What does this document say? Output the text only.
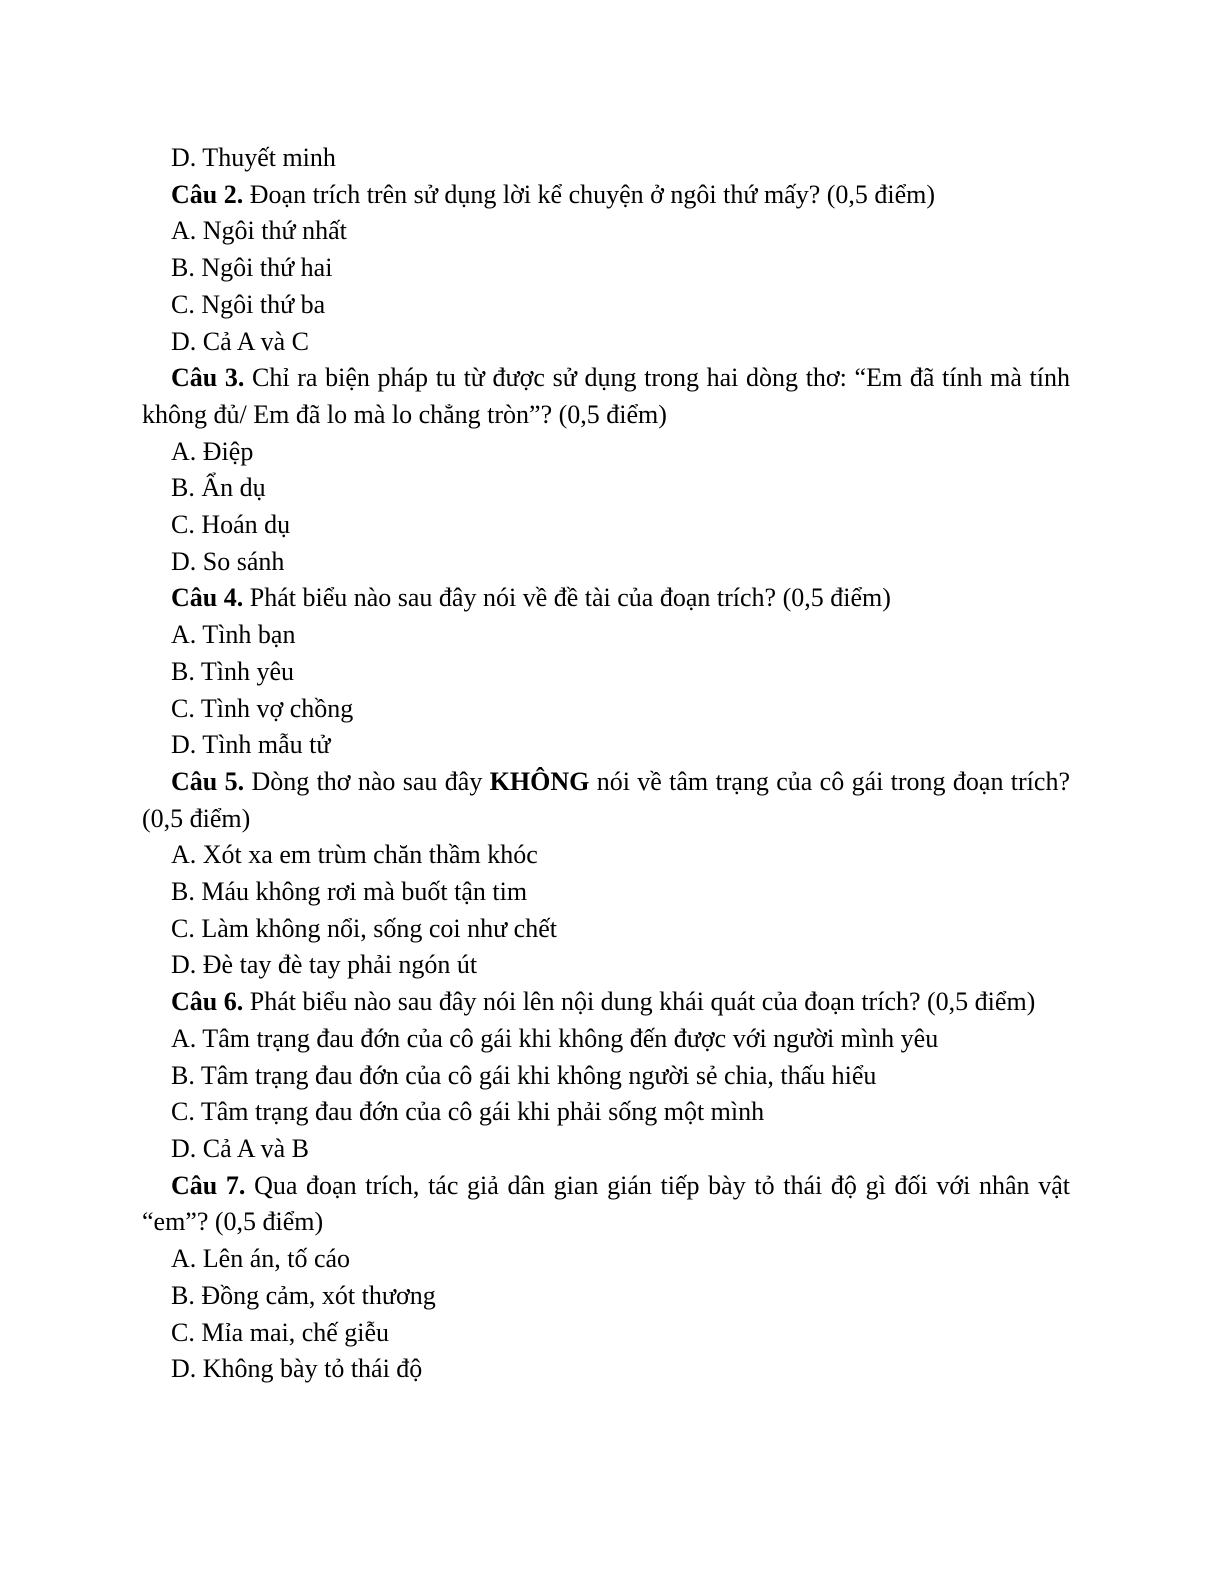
D. Thuyết minh

Câu 2. Đoạn trích trên sử dụng lời kể chuyện ở ngôi thứ mấy? (0,5 điểm)

A. Ngôi thứ nhất

B. Ngôi thứ hai

C. Ngôi thứ ba

D. Cả A và C

Câu 3. Chỉ ra biện pháp tu từ được sử dụng trong hai dòng thơ: “Em đã tính mà tính không đủ/ Em đã lo mà lo chẳng tròn”? (0,5 điểm)

A. Điệp

B. Ẩn dụ

C. Hoán dụ

D. So sánh

Câu 4. Phát biểu nào sau đây nói về đề tài của đoạn trích? (0,5 điểm)

A. Tình bạn

B. Tình yêu

C. Tình vợ chồng

D. Tình mẫu tử

Câu 5. Dòng thơ nào sau đây KHÔNG nói về tâm trạng của cô gái trong đoạn trích? (0,5 điểm)

A. Xót xa em trùm chăn thầm khóc

B. Máu không rơi mà buốt tận tim

C. Làm không nổi, sống coi như chết

D. Đè tay đè tay phải ngón út

Câu 6. Phát biểu nào sau đây nói lên nội dung khái quát của đoạn trích? (0,5 điểm)

A. Tâm trạng đau đớn của cô gái khi không đến được với người mình yêu

B. Tâm trạng đau đớn của cô gái khi không người sẻ chia, thấu hiểu

C. Tâm trạng đau đớn của cô gái khi phải sống một mình

D. Cả A và B

Câu 7. Qua đoạn trích, tác giả dân gian gián tiếp bày tỏ thái độ gì đối với nhân vật “em”? (0,5 điểm)

A. Lên án, tố cáo

B. Đồng cảm, xót thương

C. Mỉa mai, chế giễu

D. Không bày tỏ thái độ
